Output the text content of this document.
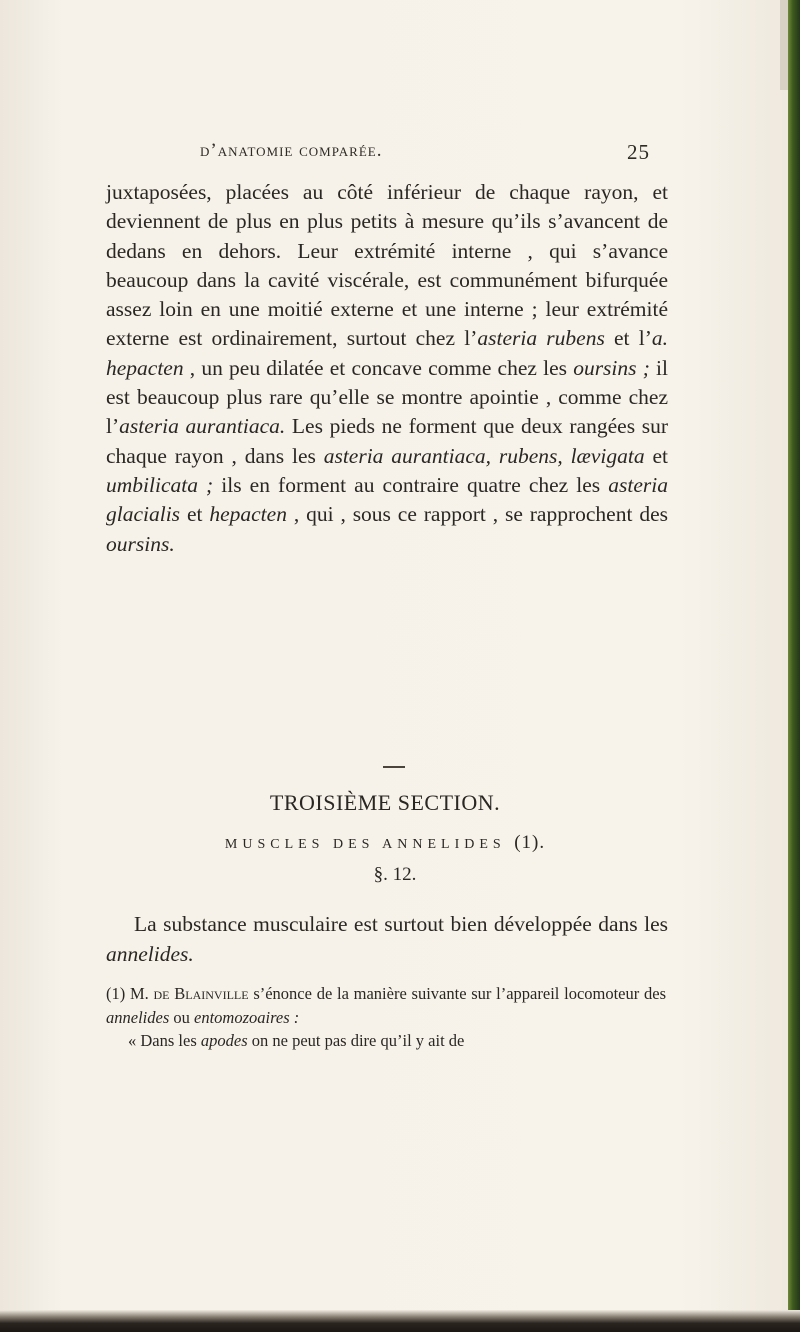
d’anatomie comparée.	25

juxtaposées, placées au côté inférieur de chaque rayon, et deviennent de plus en plus petits à mesure qu’ils s’avancent de dedans en dehors. Leur extrémité interne , qui s’avance beaucoup dans la cavité viscérale, est communément bifurquée assez loin en une moitié externe et une interne ; leur extrémité externe est ordinairement, surtout chez l’asteria rubens et l’a. hepacten , un peu dilatée et concave comme chez les oursins ; il est beaucoup plus rare qu’elle se montre apointie , comme chez l’asteria aurantiaca. Les pieds ne forment que deux rangées sur chaque rayon , dans les asteria aurantiaca, rubens, lævigata et umbilicata ; ils en forment au contraire quatre chez les asteria glacialis et hepacten , qui , sous ce rapport , se rapprochent des oursins.

TROISIÈME SECTION.
MUSCLES DES ANNELIDES (1).
§. 12.

La substance musculaire est surtout bien développée dans les annelides.

(1) M. de Blainville s’énonce de la manière suivante sur l’appareil locomoteur des annelides ou entomozoaires :

« Dans les apodes on ne peut pas dire qu’il y ait de
